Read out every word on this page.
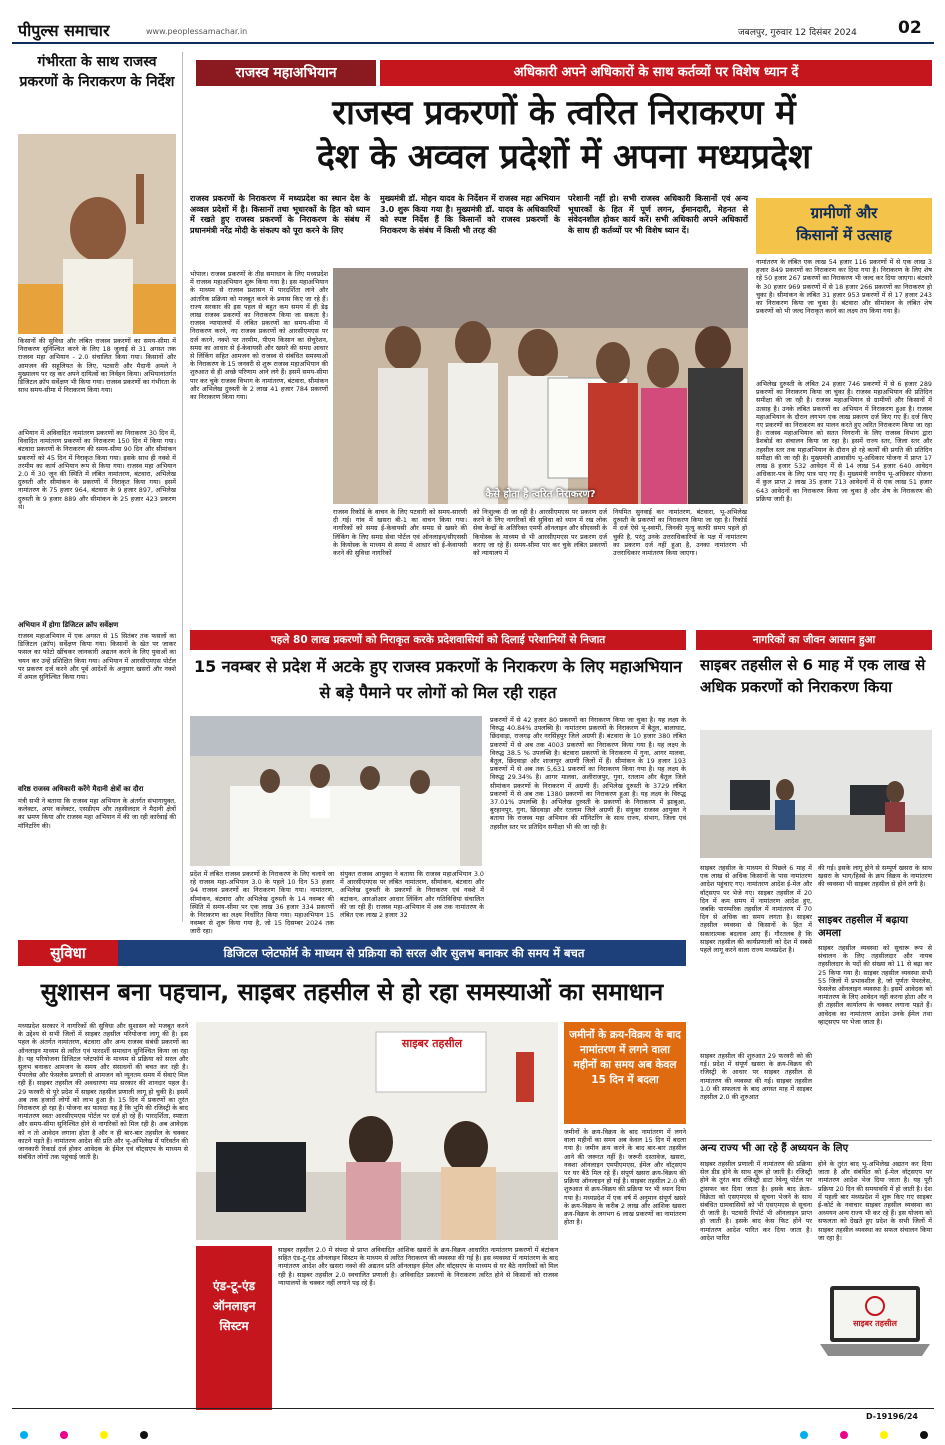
पीपुल्स समाचार	www.peoplessamachar.in	जबलपुर, गुरुवार 12 दिसंबर 2024 02
गंभीरता के साथ राजस्व प्रकरणों के निराकरण के निर्देश
किसानों की सुविधा और लंबित राजस्व प्रकरणों का समय-सीमा में निराकरण सुनिश्चित करने के लिए 18 जुलाई से 31 अगस्त तक राजस्व महा अभियान - 2.0 संचालित किया गया। किसानों और आमजन की सहूलियत के लिए, पटवारी और मैदानी अमले ने मुख्यालय पर रह कर अपने दायित्वों का निर्वहन किया। अभियानांतर्गत डिजिटल क्रॉप सर्वेक्षण भी किया गया। राजस्व प्रकरणों का गंभीरता के साथ समय-सीमा में निराकरण किया गया।
अभियान में अविवादित नामांतरण प्रकरणों का निराकरण 30 दिन में, विवादित नामांतरण प्रकरणों का निराकरण 150 दिन में किया गया। बंटवारा प्रकरणों के निराकरण की समय-सीमा 90 दिन और सीमांकन प्रकरणों को 45 दिन में निराकृत किया गया। इसके साथ ही नक्शे में तरमीम का कार्य अभियान रूप से किया गया। राजस्व महा अभियान 2.0 में 30 जून की स्थिति में लंबित नामांतरण, बंटवारा, अभिलेख दुरुस्ती और सीमांकन के प्रकरणों में निराकृत किया गया। इसमें नामांतरण के 75 हजार 964, बंटवारा के 9 हजार 897, अभिलेख दुरुस्ती के 9 हजार 889 और सीमांकन के 25 हजार 423 प्रकरण थे।
अभियान में होगा डिजिटल क्रॉप सर्वेक्षण
राजस्व महाअभियान में एक अगस्त से 15 सितंबर तक फसलों का डिजिटल (क्रॉप) सर्वेक्षण किया गया। किसानों के खेत पर जाकर फसल का फोटो खींचकर जानकारी अद्यतन करने के लिए युवाओं का चयन कर उन्हें प्रशिक्षित किया गया। अभियान में आरसीएमएस पोर्टल पर प्रकरण दर्ज करने और पूर्व आदेशों के अनुसार खसरों और नक्शे में अमल सुनिश्चित किया गया।
वरिष्ठ राजस्व अधिकारी करेंगे मैदानी क्षेत्रों का दौरा
मंत्री सभी ने बताया कि राजस्व महा अभियान के अंतर्गत संभागायुक्त, कलेक्टर, अपर कलेक्टर, एसडीएम और तहसीलदार ने मैदानी क्षेत्रों का भ्रमण किया और राजस्व महा अभियान में की जा रही कार्रवाई की मॉनिटरिंग की।
राजस्व महाअभियान	अधिकारी अपने अधिकारों के साथ कर्तव्यों पर विशेष ध्यान दें
राजस्व प्रकरणों के त्वरित निराकरण में
देश के अव्वल प्रदेशों में अपना मध्यप्रदेश
राजस्व प्रकरणों के निराकरण में मध्यप्रदेश का स्थान देश के अव्वल प्रदेशों में है। किसानों तथा भूधारकों के हित को ध्यान में रखते हुए राजस्व प्रकरणों के निराकरण के संबंध में प्रधानमंत्री नरेंद्र मोदी के संकल्प को पूरा करने के लिए
मुख्यमंत्री डॉ. मोहन यादव के निर्देशन में राजस्व महा अभियान 3.0 शुरू किया गया है। मुख्यमंत्री डॉ. यादव के अधिकारियों को स्पष्ट निर्देश हैं कि किसानों को राजस्व प्रकरणों के निराकरण के संबंध में किसी भी तरह की
परेशानी नहीं हो। सभी राजस्व अधिकारी किसानों एवं अन्य भूधारकों के हित में पूर्ण लगन, ईमानदारी, मेहनत से संवेदनशील होकर कार्य करें। सभी अधिकारी अपने अधिकारों के साथ ही कर्तव्यों पर भी विशेष ध्यान दें।
भोपाल। राजस्व प्रकरणों के तीव्र समाधान के लिए मध्यप्रदेश में राजस्व महाअभियान शुरू किया गया है। इस महाअभियान के माध्यम से राजस्व प्रशासन में पारदर्शिता लाने और आंतरिक प्रक्रिया को मजबूत करने के प्रयास किए जा रहे हैं। राज्य सरकार की इस पहल से बहुत कम समय में ही डेढ़ लाख राजस्व प्रकरणों का निराकरण किया जा सकता है। राजस्व न्यायालयों में लंबित प्रकरणों का समय-सीमा में निराकरण करने, नए राजस्व प्रकरणों को आरसीएमएस पर दर्ज करने, नक्शे पर तरमीम, पीएम किसान का सेचुरेशन, समग्र का आधार से ई-केवायसी और खसरे की समग्र आधार से लिंकिंग सहित आमजन को राजस्व से संबंधित समस्याओं के निराकरण के 15 जनवरी से शुरू राजस्व महाअभियान की शुरुआत से ही अच्छे परिणाम आने लगे हैं। इसमें समय-सीमा पार कर चुके राजस्व विभाग के नामांतरण, बंटवारा, सीमांकन और अभिलेख दुरुस्ती के 2 लाख 41 हजार 784 प्रकरणों का निराकरण किया गया।
कैसे होता है त्वरित निराकरण?
राजस्व रिकॉर्ड के वाचन के लिए पटवारी को समय-सारणी दी गई। गांव में खसरा बी-1 का वाचन किया गया। नागरिकों को समग्र ई-केवायसी और समग्र से खसरे की लिंकिंग के लिए समग्र सेवा पोर्टल एवं ऑनलाइन/सीएससी के कियोस्क के माध्यम से समग्र में आधार को ई-केवायसी करने की सुविधा नागरिकों
को निःशुल्क दी जा रही है। आरसीएमएस पर प्रकरण दर्ज करने के लिए नागरिकों की सुविधा को ध्यान में रख लोक सेवा केन्द्रों के अतिरिक्त एमपी ऑनलाइन और सीएससी के कियोस्क के माध्यम से भी आरसीएमएस पर प्रकरण दर्ज कराए जा रहे हैं। समय-सीमा पार कर चुके लंबित प्रकरणों को न्यायालय में
नियमित सुनवाई कर नामांतरण, बंटवारा, भू-अभिलेख दुरुस्ती के प्रकरणों का निराकरण किया जा रहा है। रिकॉर्ड में दर्ज ऐसे भू-स्वामी, जिनकी मृत्यु काफी समय पहले हो चुकी है, परंतु उनके उत्तराधिकारियों के पक्ष में नामांतरण का प्रकरण दर्ज नहीं हुआ है, उनका नामांतरण भी उत्तराधिकार नामांतरण किया जाएगा।
ग्रामीणों और
किसानों में उत्साह
नामांतरण के लंबित एक लाख 54 हजार 116 प्रकरणों में से एक लाख 3 हजार 849 प्रकरणों का निराकरण कर दिया गया है। निराकरण के लिए शेष रहे 50 हजार 267 प्रकरणों का निराकरण भी जल्द कर दिया जाएगा। बंटवारे के 30 हजार 969 प्रकरणों में से 18 हजार 266 प्रकरणों का निराकरण हो चुका है। सीमांकन के लंबित 31 हजार 953 प्रकरणों में से 17 हजार 243 का निराकरण किया जा चुका है। बंटवारा और सीमांकन के लंबित शेष प्रकरणों को भी जल्द निराकृत करने का लक्ष्य तय किया गया है।
अभिलेख दुरुस्ती के लंबित 24 हजार 746 प्रकरणों में से 6 हजार 289 प्रकरणों का निराकरण किया जा चुका है। राजस्व महाअभियान की प्रतिदिन समीक्षा की जा रही है। राजस्व महाअभियान से ग्रामीणों और किसानों में उत्साह है। उनके लंबित प्रकरणों का अभियान में निराकरण हुआ है। राजस्व महाअभियान के दौरान लगभग एक लाख प्रकरण दर्ज किए गए हैं। दर्ज किए गए प्रकरणों का निराकरण का पालन करते हुए त्वरित निराकरण किया जा रहा है। राजस्व महाअभियान को सतत निगरानी के लिए राजस्व विभाग द्वारा डैशबोर्ड का संचालन किया जा रहा है। इसमें राज्य स्तर, जिला स्तर और तहसील स्तर तक महाअभियान के दौरान हो रहे कार्यों की प्रगति की प्रतिदिन समीक्षा की जा रही है। मुख्यमंत्री आवासीय भू-अधिकार योजना में प्राप्त 17 लाख 8 हजार 532 आवेदन में से 14 लाख 54 हजार 640 आवेदन अधिकार-पत्र के लिए पात्र पाए गए हैं। मुख्यमंत्री नगरीय भू-अधिकार योजना में कुल प्राप्त 2 लाख 35 हजार 713 आवेदनों में से एक लाख 51 हजार 643 आवेदनों का निराकरण किया जा चुका है और शेष के निराकरण की प्रक्रिया जारी है।
पहले 80 लाख प्रकरणों को निराकृत करके प्रदेशवासियों को दिलाई परेशानियों से निजात
15 नवम्बर से प्रदेश में अटके हुए राजस्व प्रकरणों के निराकरण के लिए महाअभियान से बड़े पैमाने पर लोगों को मिल रही राहत
प्रकरणों में से 42 हजार 80 प्रकरणों का निराकरण किया जा चुका है। यह लक्ष्य के विरुद्ध 40.84% उपलब्धि है। नामांतरण प्रकरणों के निराकरण में बैतूल, बालाघाट, छिंदवाड़ा, राजगढ़ और नरसिंहपुर जिले अग्रणी हैं। बंटवारा के 10 हजार 380 लंबित प्रकरणों में से अब तक 4003 प्रकरणों का निराकरण किया गया है। यह लक्ष्य के विरुद्ध 38.5 % उपलब्धि है। बंटवारा प्रकरणों के निराकरण में गुना, आगर मालवा, बैतूल, छिंदवाड़ा और शाजापुर अग्रणी जिलों में हैं। सीमांकन के 19 हजार 193 प्रकरणों में से अब तक 5,631 प्रकरणों का निराकरण किया गया है। यह लक्ष्य के विरुद्ध 29.34% है। आगर मालवा, अलीराजपुर, गुना, रतलाम और बैतूल जिले सीमांकन प्रकरणों के निराकरण में अग्रणी हैं। अभिलेख दुरुस्ती के 3729 लंबित प्रकरणों में से अब तक 1380 प्रकरणों का निराकरण हुआ है। यह लक्ष्य के विरुद्ध 37.01% उपलब्धि है। अभिलेख दुरुस्ती के प्रकरणों के निराकरण में झाबुआ, बुरहानपुर, गुना, छिंदवाड़ा और रतलाम जिले अग्रणी हैं। संयुक्त राजस्व आयुक्त ने बताया कि राजस्व महा अभियान की मॉनिटरिंग के साथ राज्य, संभाग, जिला एवं तहसील स्तर पर प्रतिदिन समीक्षा भी की जा रही है।
प्रदेश में लंबित राजस्व प्रकरणों के निराकरण के लिए चलाये जा रहे राजस्व महा-अभियान 3.0 के पहले 10 दिन 53 हजार 94 राजस्व प्रकरणों का निराकरण किया गया। नामांतरण, सीमांकन, बंटवारा और अभिलेख दुरुस्ती के 14 नवम्बर की स्थिति में समय-सीमा पर एक लाख 36 हजार 334 प्रकरणों के निराकरण का लक्ष्य निर्धारित किया गया। महाअभियान 15 नवम्बर से शुरू किया गया है, जो 15 दिसम्बर 2024 तक जारी रहा।
संयुक्त राजस्व आयुक्त ने बताया कि राजस्व महाअभियान 3.0 में आरसीएमएस पर लंबित नामांतरण, सीमांकन, बंटवारा और अभिलेख दुरुस्ती के प्रकरणों के निराकरण एवं नक्शे में बटांकन, आरओआर आधार लिंकिंग और गतिविधियां संचालित की जा रही हैं। राजस्व महा-अभियान में अब तक नामांतरण के लंबित एक लाख 2 हजार 32
नागरिकों का जीवन आसान हुआ
साइबर तहसील से 6 माह में एक लाख से अधिक प्रकरणों को निराकरण किया
साइबर तहसील के माध्यम से पिछले 6 माह में एक लाख से अधिक किसानों के पास नामांतरण आदेश पहुंचाए गए। नामांतरण आदेश ई-मेल और वॉट्सएप पर भेजे गए। साइबर तहसील में 20 दिन में कम समय में नामांतरण आदेश हुए, जबकि पारम्परिक तहसील में नामांतरण में 70 दिन से अधिक का समय लगता है। साइबर तहसील व्यवस्था से किसानों के हित में सकारात्मक बदलाव आए हैं। गौरतलब है कि साइबर तहसील की कार्यप्रणाली को देश में सबसे पहले लागू करने वाला राज्य मध्यप्रदेश है।
की गई। इसके लागू होने से सम्पूर्ण खसरा के साथ खसरा के भाग/हिस्से के क्रय विक्रय के नामांतरण की व्यवस्था भी साइबर तहसील से होने लगी है।
साइबर तहसील में बढ़ाया अमला
साइबर तहसील व्यवस्था को सुचारू रूप से संचालन के लिए तहसीलदार और नायब तहसीलदार के पदों की संख्या को 11 से बढ़ा कर 25 किया गया है। साइबर तहसील व्यवस्था सभी 55 जिलों में प्रभावशील है, जो पूर्णतः पेपरलेस, फेसलेस ऑनलाइन व्यवस्था है। इसमें आवेदक को नामांतरण के लिए आवेदन नहीं करना होता और न ही तहसील कार्यालय के चक्कर लगाना पड़ते हैं। आवेदक का नामांतरण आदेश उनके ईमेल तथा व्हाट्सएप पर भेजा जाता है।
सुविधा	डिजिटल प्लेटफॉर्म के माध्यम से प्रक्रिया को सरल और सुलभ बनाकर की समय में बचत
सुशासन बना पहचान, साइबर तहसील से हो रहा समस्याओं का समाधान
मध्यप्रदेश सरकार ने नागरिकों की सुविधा और सुशासन को मजबूत करने के उद्देश्य से सभी जिलों में साइबर तहसील परियोजना लागू की है। इस पहल के अंतर्गत नामांतरण, बंटवारा और अन्य राजस्व संबंधी प्रकरणों का ऑनलाइन माध्यम से त्वरित एवं पारदर्शी समाधान सुनिश्चित किया जा रहा है। यह परियोजना डिजिटल प्लेटफॉर्म के माध्यम से प्रक्रिया को सरल और सुलभ बनाकर आमजन के समय और संसाधनों की बचत कर रही है। पेपरलेस और फेसलेस प्रणाली से आमजन को न्यूनतम समय में सेवाएं मिल रही हैं। साइबर तहसील की अवधारणा मप्र सरकार की शानदार पहल है। 29 फरवरी से पूरे प्रदेश में साइबर तहसील प्रणाली लागू हो चुकी है। इसमें अब तक हजारों लोगों को लाभ हुआ है। 15 दिन में प्रकरणों का तुरंत निराकरण हो रहा है। योजना का फायदा यह है कि भूमि की रजिस्ट्री के बाद नामांतरण स्वतः आरसीएमएस पोर्टल पर दर्ज हो रहे हैं। पारदर्शिता, स्पष्टता और समय-सीमा सुनिश्चित होने से नागरिकों को मिल रही है। अब आवेदक को न तो आवेदन लगाना होता है और न ही बार-बार तहसील के चक्कर काटने पड़ते हैं। नामांतरण आदेश की प्रति और भू-अभिलेख में परिवर्तन की जानकारी रिकार्ड दर्ज होकर आवेदक के ईमेल एवं वॉट्सएप के माध्यम से संबंधित लोगों तक पहुंचाई जाती है।
साइबर तहसील
जमीनों के क्रय-विक्रय के बाद नामांतरण में लगने वाला महीनों का समय अब केवल 15 दिन में बदला
जमीनों के क्रय-विक्रय के बाद नामांतरण में लगने वाला महीनों का समय अब केवल 15 दिन में बदला गया है। जमीन क्रय करने के बाद बार-बार तहसील आने की जरूरत नहीं है। जरूरी दस्तावेज, खसरा, नक्शा ऑनलाइन एमपीएमएस, ईमेल और वॉट्सएप पर घर बैठे मिल रहे हैं। संपूर्ण खसरा क्रय-विक्रय की प्रक्रिया ऑनलाइन हो गई है। साइबर तहसील 2.0 की शुरुआत से क्रय-विक्रय की प्रक्रिया पर भी ध्यान दिया गया है। मध्यप्रदेश में एक वर्ष में अनुमान संपूर्ण खसरे के क्रय-विक्रय के करीब 2 लाख और आंशिक खसरा क्रय-विक्रय के लगभग 6 लाख प्रकरणों का नामांतरण होता है।
एंड-टू-एंड ऑनलाइन सिस्टम
साइबर तहसील 2.0 में संपदा से प्राप्त अविवादित आंशिक खसरों के क्रय-विक्रय आधारित नामांतरण प्रकरणों में बंटांकन सहित एंड-टू-एंड ऑनलाइन सिस्टम के माध्यम से त्वरित निराकरण की व्यवस्था की गई है। इस व्यवस्था में नामांतरण के बाद नामांतरण आदेश और खसरा नक्शे की अद्यतन प्रति ऑनलाइन ईमेल और वॉट्सएप के माध्यम से घर बैठे नागरिकों को मिल रही है। साइबर तहसील 2.0 स्वचालित प्रणाली है। अविवादित प्रकरणों के निराकरण त्वरित होने से किसानों को राजस्व न्यायालयों के चक्कर नहीं लगाने पड़ रहे हैं।
साइबर तहसील की शुरुआत 29 फरवरी को की गई। प्रदेश में संपूर्ण खसरा के क्रय-विक्रय की रजिस्ट्री के आधार पर साइबर तहसील से नामांतरण की व्यवस्था की गई। साइबर तहसील 1.0 की सफलता के बाद अगस्त माह में साइबर तहसील 2.0 की शुरुआत
अन्य राज्य भी आ रहे हैं अध्ययन के लिए
साइबर तहसील प्रणाली में नामांतरण की प्रक्रिया सेल डीड होने के साथ शुरू हो जाती है। रजिस्ट्री होने के तुरंत बाद रजिस्ट्री डाटा रेवेन्यू पोर्टल पर ट्रांसफर कर दिया जाता है। इसके बाद क्रेता-विक्रेता को एसएमएस से सूचना भेजने के साथ संबंधित ग्रामवासियों को भी एसएमएस से सूचना दी जाती है। पटवारी रिपोर्ट भी ऑनलाइन प्राप्त हो जाती है। इसके बाद केस फिट होने पर नामांतरण आदेश पारित कर दिया जाता है। आदेश पारित
होने के तुरंत बाद भू-अभिलेख अद्यतन कर दिया जाता है और संबंधित को ई-मेल वॉट्सएप पर नामांतरण आदेश भेज दिया जाता है। यह पूरी प्रक्रिया 20 दिन की समयावधि में हो जाती है। देश में पहली बार मध्यप्रदेश में शुरू किए गए साइबर ई-कोर्ट के नवाचार साइबर तहसील व्यवस्था का अध्ययन अन्य राज्य भी कर रहे हैं। इस योजना को सफलता को देखते हुए प्रदेश के सभी जिलों में साइबर तहसील व्यवस्था का सफल संचालन किया जा रहा है।
साइबर तहसील
D-19196/24
